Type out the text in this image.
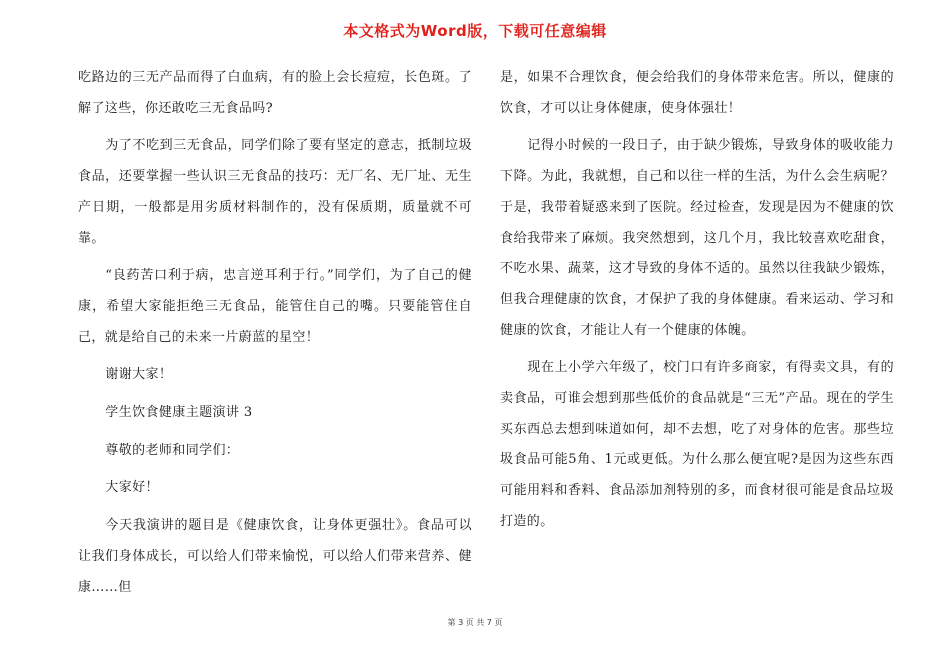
本文格式为Word版，下载可任意编辑

吃路边的三无产品而得了白血病，有的脸上会长痘痘，长色斑。了解了这些，你还敢吃三无食品吗?

为了不吃到三无食品，同学们除了要有坚定的意志，抵制垃圾食品，还要掌握一些认识三无食品的技巧：无厂名、无厂址、无生产日期，一般都是用劣质材料制作的，没有保质期，质量就不可靠。

“良药苦口利于病，忠言逆耳利于行。”同学们，为了自己的健康，希望大家能拒绝三无食品，能管住自己的嘴。只要能管住自己，就是给自己的未来一片蔚蓝的星空！

谢谢大家！

学生饮食健康主题演讲 3

尊敬的老师和同学们：

大家好！

今天我演讲的题目是《健康饮食，让身体更强壮》。食品可以让我们身体成长，可以给人们带来愉悦，可以给人们带来营养、健康……但

是，如果不合理饮食，便会给我们的身体带来危害。所以，健康的饮食，才可以让身体健康，使身体强壮！

记得小时候的一段日子，由于缺少锻炼，导致身体的吸收能力下降。为此，我就想，自己和以往一样的生活，为什么会生病呢？于是，我带着疑惑来到了医院。经过检查，发现是因为不健康的饮食给我带来了麻烦。我突然想到，这几个月，我比较喜欢吃甜食，不吃水果、蔬菜，这才导致的身体不适的。虽然以往我缺少锻炼，但我合理健康的饮食，才保护了我的身体健康。看来运动、学习和健康的饮食，才能让人有一个健康的体魄。

现在上小学六年级了，校门口有许多商家，有得卖文具，有的卖食品，可谁会想到那些低价的食品就是“三无”产品。现在的学生买东西总去想到味道如何，却不去想，吃了对身体的危害。那些垃圾食品可能5角、1元或更低。为什么那么便宜呢?是因为这些东西可能用料和香料、食品添加剂特别的多，而食材很可能是食品垃圾打造的。

第 3 页 共 7 页
